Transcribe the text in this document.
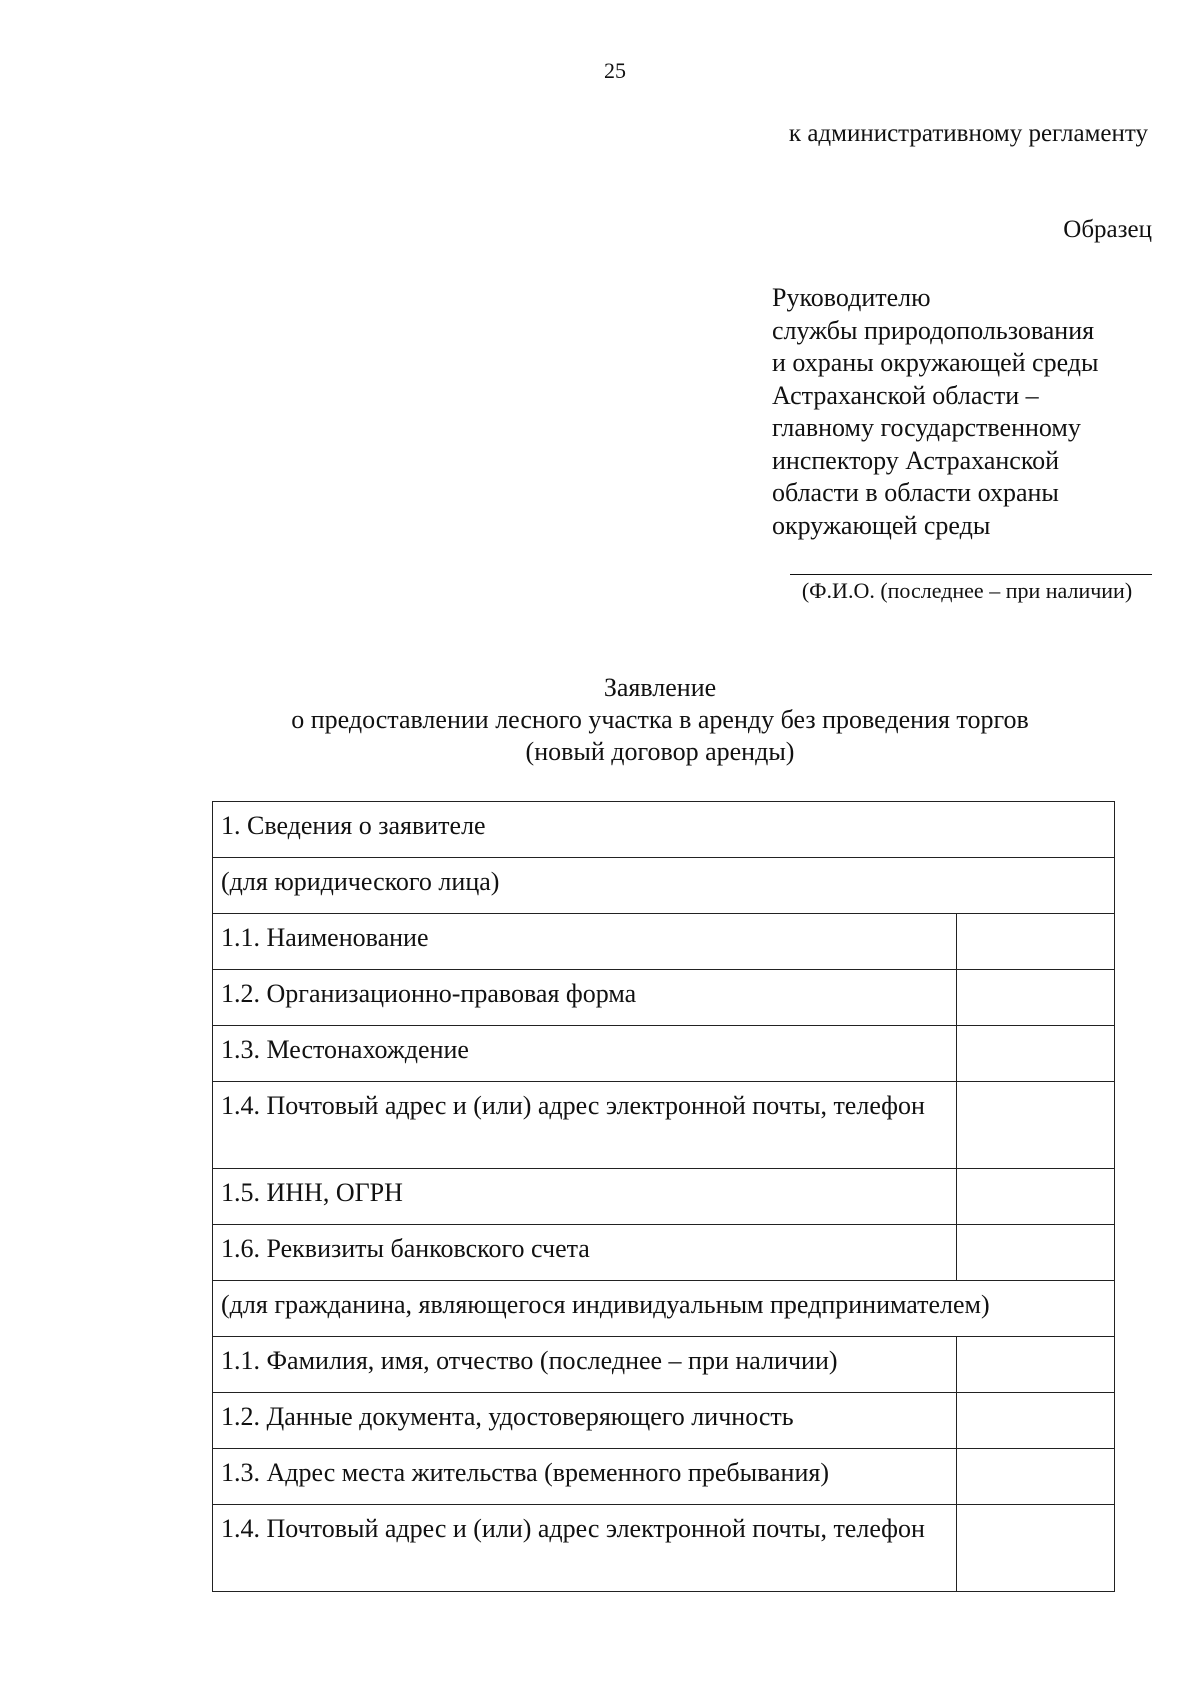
25
к административному регламенту
Образец
Руководителю
службы природопользования
и охраны окружающей среды
Астраханской области –
главному государственному
инспектору Астраханской
области в области охраны
окружающей среды
(Ф.И.О. (последнее – при наличии)
Заявление
о предоставлении лесного участка в аренду без проведения торгов
(новый договор аренды)
1. Сведения о заявителе	
(для юридического лица)	
1.1. Наименование	
1.2. Организационно-правовая форма	
1.3. Местонахождение	
1.4. Почтовый адрес и (или) адрес электронной почты, телефон	
1.5. ИНН, ОГРН	
1.6. Реквизиты банковского счета	
(для гражданина, являющегося индивидуальным предпринимателем)	
1.1. Фамилия, имя, отчество (последнее – при наличии)	
1.2. Данные документа, удостоверяющего личность	
1.3. Адрес места жительства (временного пребывания)	
1.4. Почтовый адрес и (или) адрес электронной почты, телефон	
